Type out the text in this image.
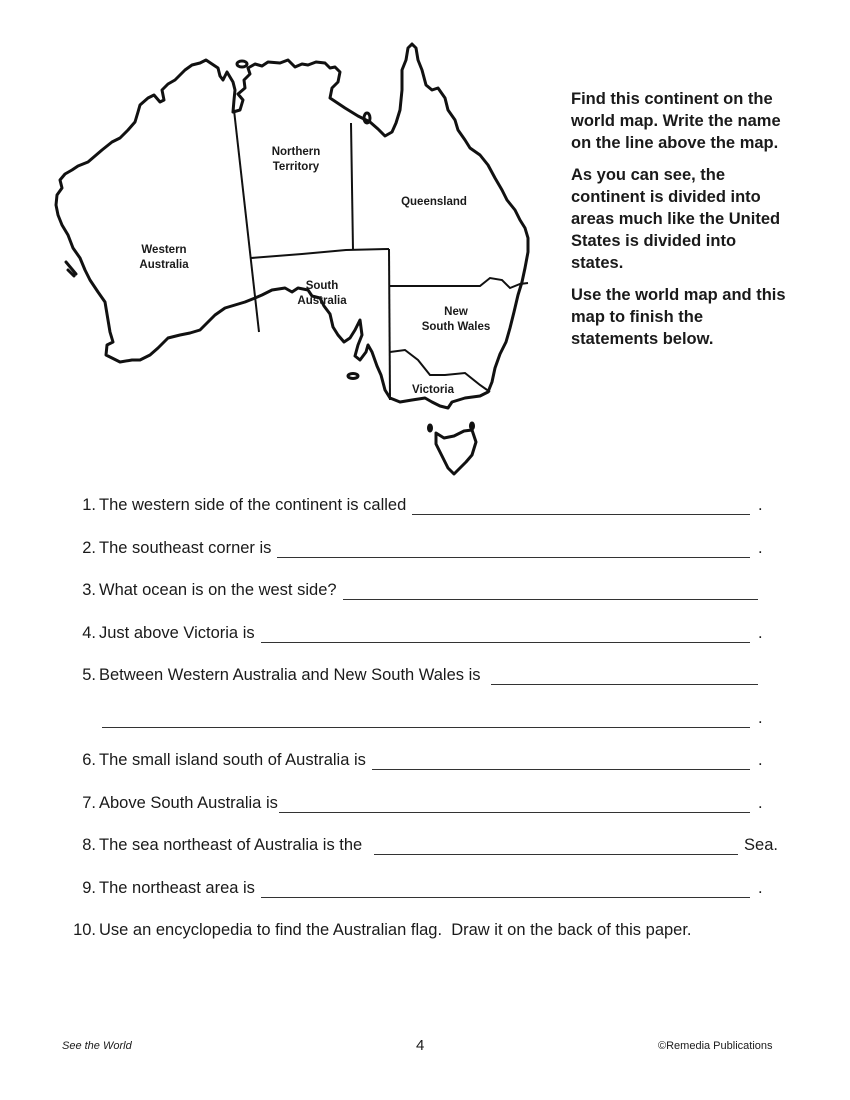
Western Australia
Northern Territory
Queensland
South Australia
New South Wales
Victoria

Find this continent on the world map. Write the name on the line above the map.

As you can see, the continent is divided into areas much like the United States is divided into states.

Use the world map and this map to finish the statements below.

1. The western side of the continent is called	.
2. The southeast corner is	.
3. What ocean is on the west side?
4. Just above Victoria is	.
5. Between Western Australia and New South Wales is
.
6. The small island south of Australia is	.
7. Above South Australia is	.
8. The sea northeast of Australia is the	Sea.
9. The northeast area is	.
10. Use an encyclopedia to find the Australian flag.  Draw it on the back of this paper.
See the World	4	©Remedia Publications
